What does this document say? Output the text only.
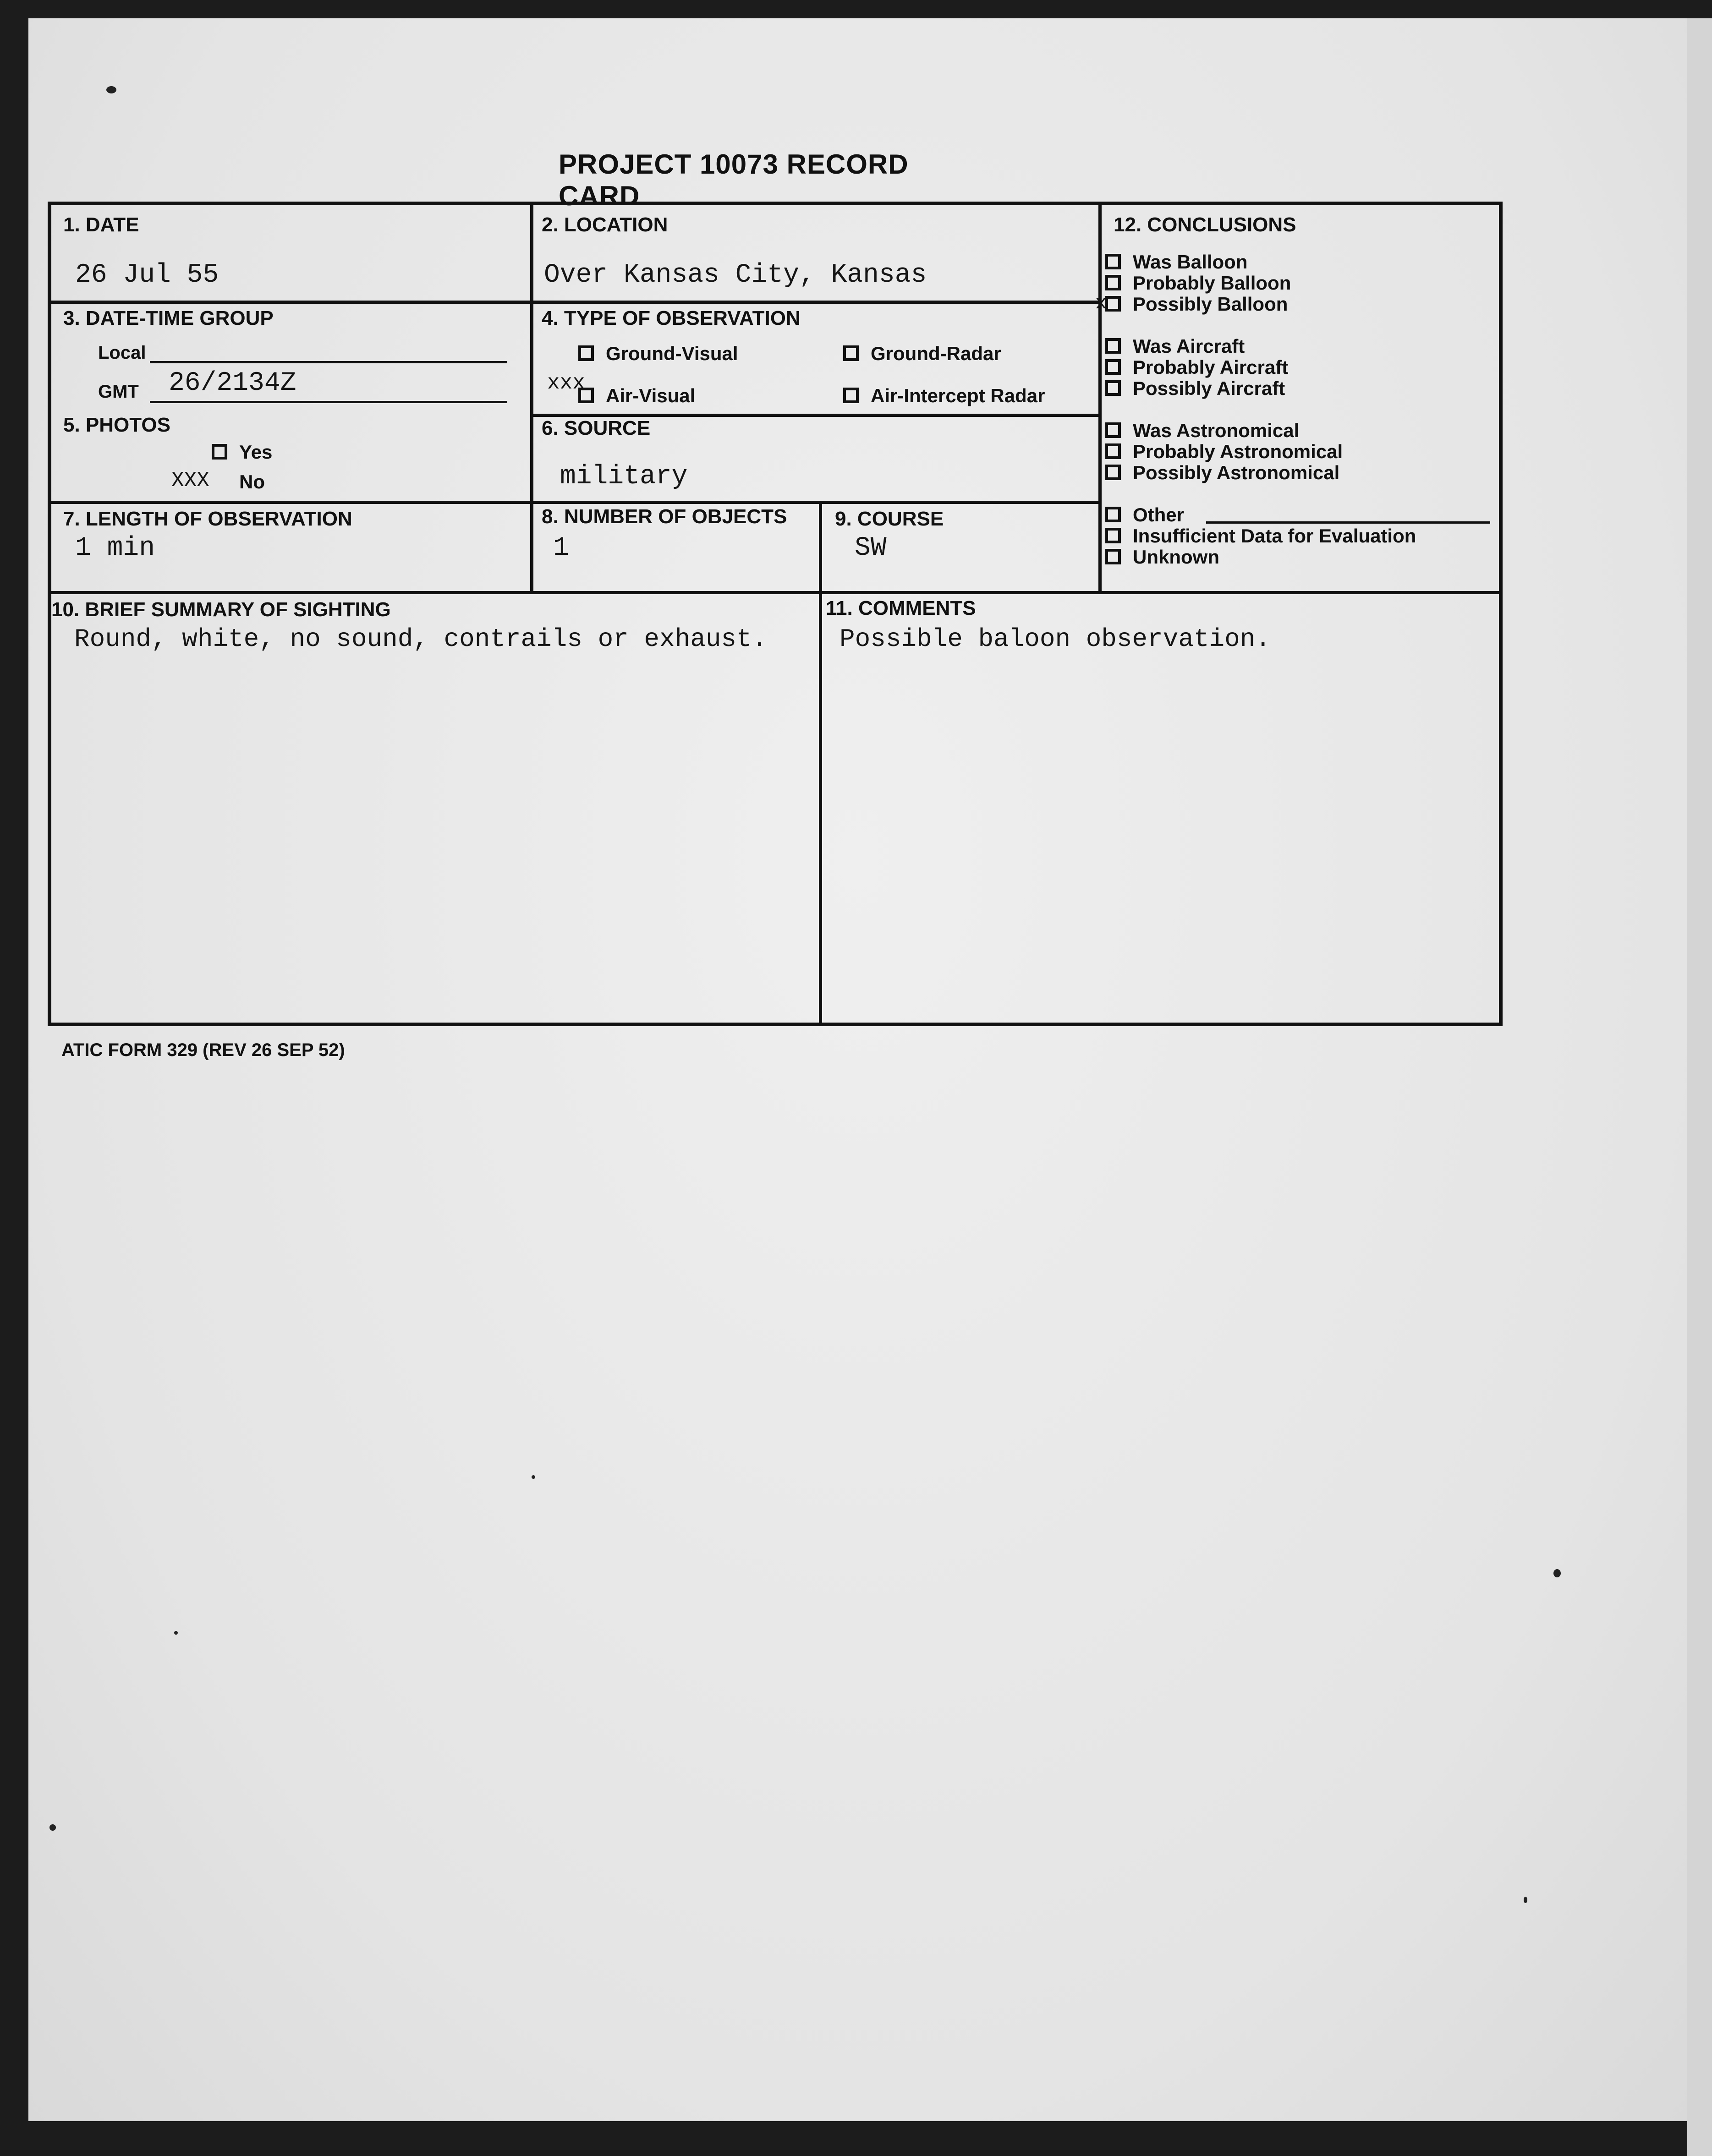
PROJECT 10073 RECORD CARD
1. DATE
26 Jul 55
2. LOCATION
Over Kansas City, Kansas
3. DATE-TIME GROUP
Local
GMT 26/2134Z
4. TYPE OF OBSERVATION
Ground-Visual	Ground-Radar
xxx
Air-Visual	Air-Intercept Radar
5. PHOTOS
Yes
XXX No
6. SOURCE
military
7. LENGTH OF OBSERVATION
1 min
8. NUMBER OF OBJECTS
1
9. COURSE
SW
10. BRIEF SUMMARY OF SIGHTING
Round, white, no sound, contrails or exhaust.
11. COMMENTS
Possible baloon observation.
12. CONCLUSIONS
Was Balloon
Probably Balloon
Possibly Balloon
x
Was Aircraft
Probably Aircraft
Possibly Aircraft
Was Astronomical
Probably Astronomical
Possibly Astronomical
Other
Insufficient Data for Evaluation
Unknown
ATIC FORM 329 (REV 26 SEP 52)
